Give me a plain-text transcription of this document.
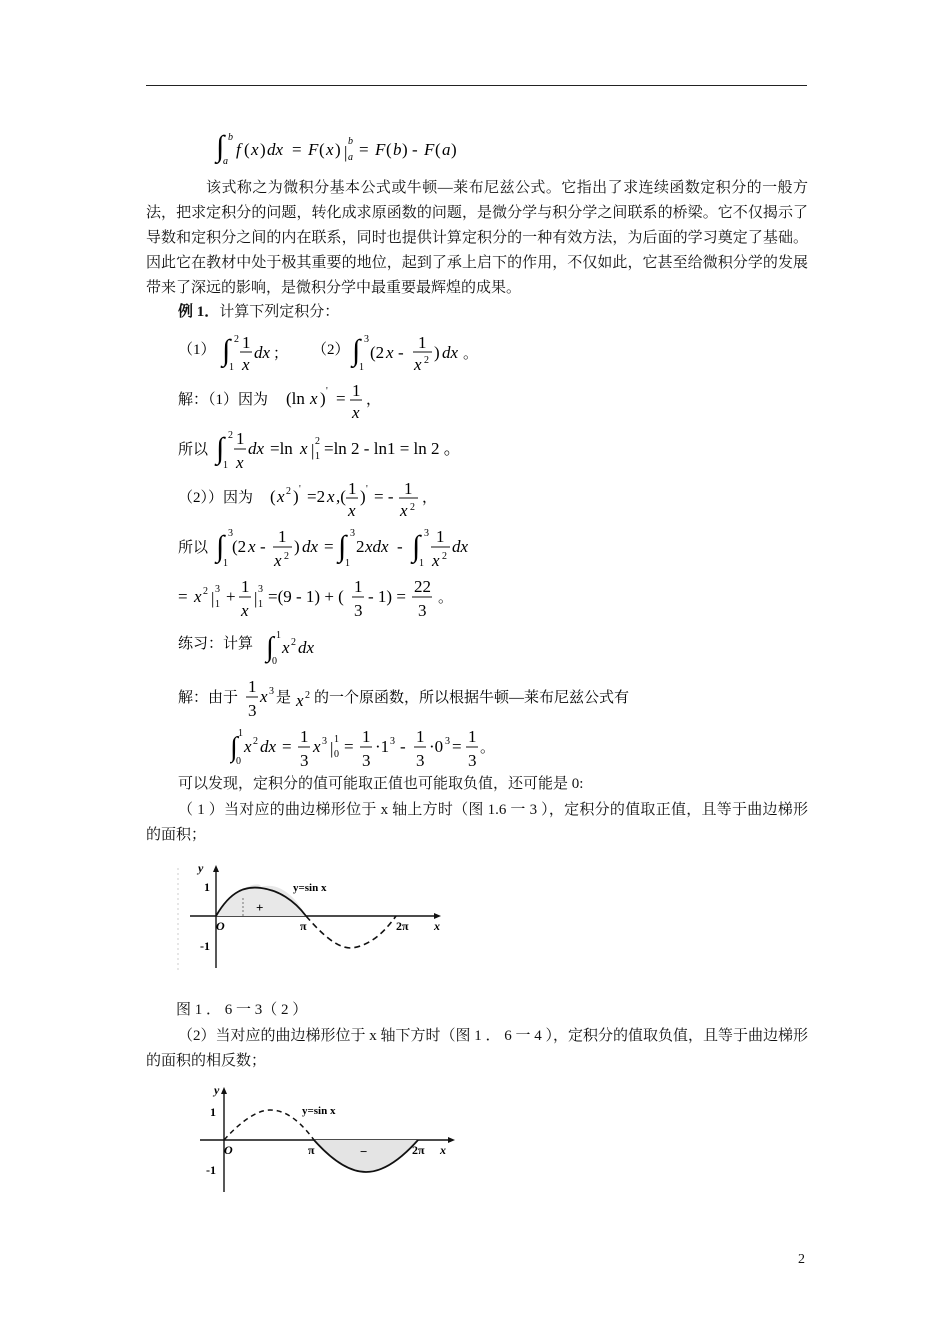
∫ b
a
f ( x ) dx = F ( x ) |
b
a = F ( b ) - F ( a )
该式称之为微积分基本公式或牛顿—莱布尼兹公式。它指出了求连续函数定积分的一般方法，把求定积分的问题，转化成求原函数的问题，是微分学与积分学之间联系的桥梁。它不仅揭示了导数和定积分之间的内在联系，同时也提供计算定积分的一种有效方法，为后面的学习奠定了基础。因此它在教材中处于极其重要的地位，起到了承上启下的作用，不仅如此，它甚至给微积分学的发展带来了深远的影响，是微积分学中最重要最辉煌的成果。
例 1．计算下列定积分：
（1） ∫ 2
1
1
x
dx ； （2） ∫ 3
1
(2 x -
1
x 2 ) dx 。
解：（1）因为 (ln x ) ' = 1
x
，
所以 ∫ 2
1
1
x
dx =ln x | 2
1 =ln 2 - ln1 = ln 2 。
（2））因为 ( x 2 ) ' =2 x ,( 1
x
) ' = - 1
x 2
，
所以 ∫ 3
1
(2 x -
1
x 2
) dx = ∫ 3
1
2 xdx - ∫ 3
1
1
x 2
dx
= x 2 | 3
1 +
1
x
| 3
1 =(9 - 1) + (
1
3
- 1) =
22
3
。
练习：计算 ∫ 1
0
x 2 dx
解：由于
1
3
x 3 是 x 2 的一个原函数，所以根据牛顿—莱布尼兹公式有
∫ 1
0
x 2 dx =
1
3
x 3 | 1
0 =
1
3
·1 3 -
1
3
·0 3 =
1
3
。
可以发现，定积分的值可能取正值也可能取负值，还可能是 0:
（ 1 ）当对应的曲边梯形位于 x 轴上方时（图 1.6 一 3 ），定积分的值取正值，且等于曲边梯形的面积；
y
x
1
-1
O	π	2π
y=sin x
+
图 1 ． 6 一 3（ 2 ）
（2）当对应的曲边梯形位于 x 轴下方时（图 1 ． 6 一 4 ），定积分的值取负值，且等于曲边梯形的面积的相反数；
y
x
1
-1
O	π	2π
y=sin x
−
2
